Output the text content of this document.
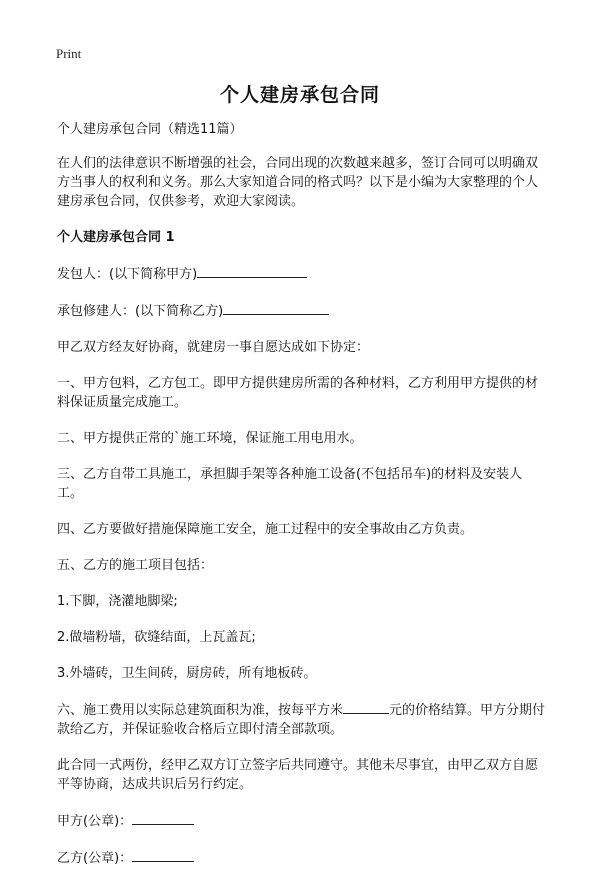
Print
个人建房承包合同

个人建房承包合同（精选11篇）

在人们的法律意识不断增强的社会，合同出现的次数越来越多，签订合同可以明确双方当事人的权利和义务。那么大家知道合同的格式吗？以下是小编为大家整理的个人建房承包合同，仅供参考，欢迎大家阅读。

个人建房承包合同 1

发包人：(以下简称甲方)

承包修建人：(以下简称乙方)

甲乙双方经友好协商，就建房一事自愿达成如下协定：

一、甲方包料，乙方包工。即甲方提供建房所需的各种材料，乙方利用甲方提供的材料保证质量完成施工。

二、甲方提供正常的`施工环境，保证施工用电用水。

三、乙方自带工具施工，承担脚手架等各种施工设备(不包括吊车)的材料及安装人工。

四、乙方要做好措施保障施工安全，施工过程中的安全事故由乙方负责。

五、乙方的施工项目包括：

1.下脚，浇灌地脚梁;

2.做墙粉墙，砍缝结面，上瓦盖瓦;

3.外墙砖，卫生间砖，厨房砖，所有地板砖。

六、施工费用以实际总建筑面积为准，按每平方米	元的价格结算。甲方分期付款给乙方，并保证验收合格后立即付清全部款项。

此合同一式两份，经甲乙双方订立签字后共同遵守。其他未尽事宜，由甲乙双方自愿平等协商，达成共识后另行约定。

甲方(公章)：

乙方(公章)：
